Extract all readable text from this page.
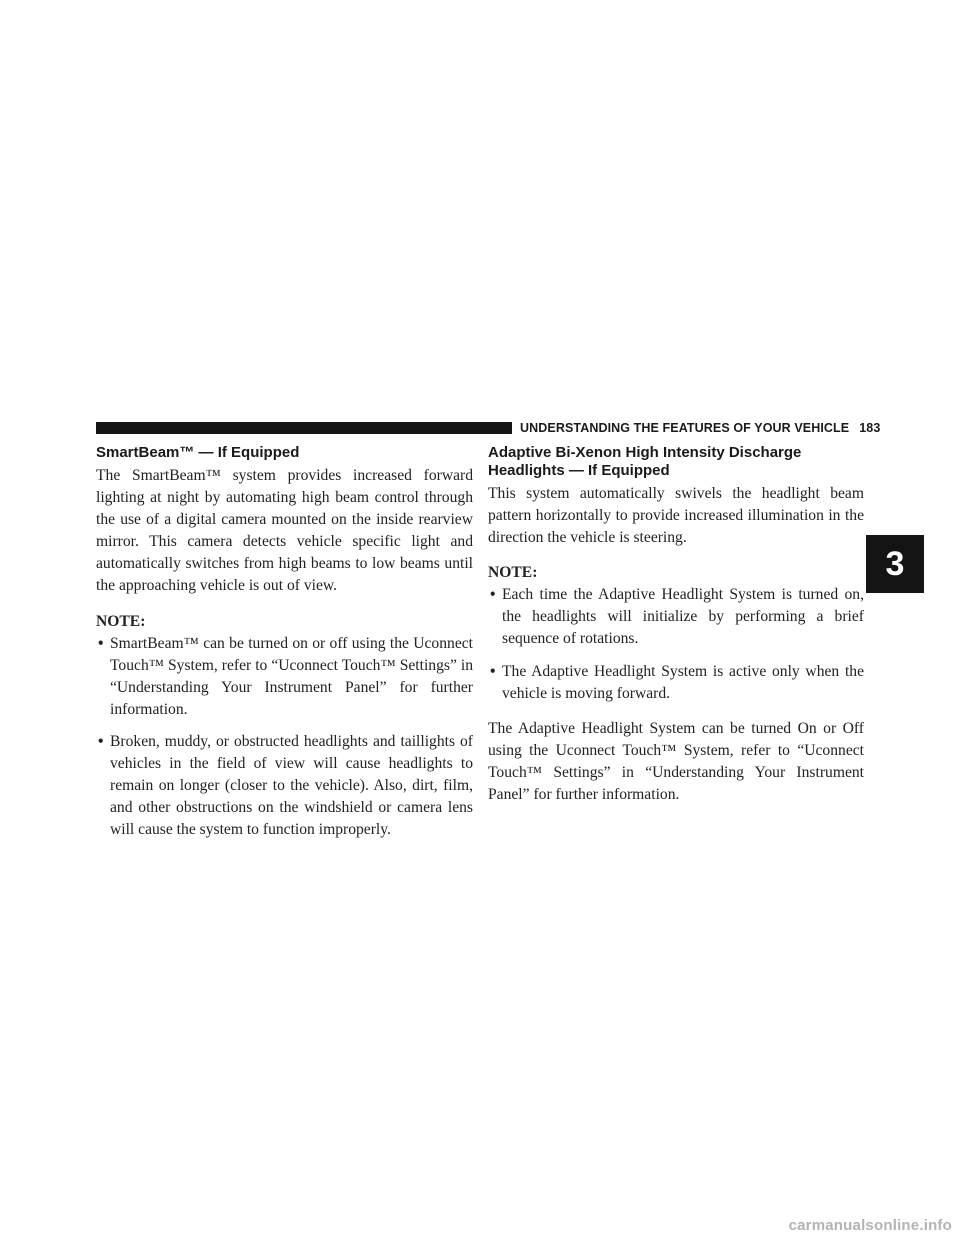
UNDERSTANDING THE FEATURES OF YOUR VEHICLE 183
SmartBeam™ — If Equipped

The SmartBeam™ system provides increased forward lighting at night by automating high beam control through the use of a digital camera mounted on the inside rearview mirror. This camera detects vehicle specific light and automatically switches from high beams to low beams until the approaching vehicle is out of view.

NOTE:
• SmartBeam™ can be turned on or off using the Uconnect Touch™ System, refer to “Uconnect Touch™ Settings” in “Understanding Your Instrument Panel” for further information.
• Broken, muddy, or obstructed headlights and taillights of vehicles in the field of view will cause headlights to remain on longer (closer to the vehicle). Also, dirt, film, and other obstructions on the windshield or camera lens will cause the system to function improperly.
Adaptive Bi-Xenon High Intensity Discharge Headlights — If Equipped

This system automatically swivels the headlight beam pattern horizontally to provide increased illumination in the direction the vehicle is steering.

NOTE:
• Each time the Adaptive Headlight System is turned on, the headlights will initialize by performing a brief sequence of rotations.
• The Adaptive Headlight System is active only when the vehicle is moving forward.

The Adaptive Headlight System can be turned On or Off using the Uconnect Touch™ System, refer to “Uconnect Touch™ Settings” in “Understanding Your Instrument Panel” for further information.

3
carmanualsonline.info
